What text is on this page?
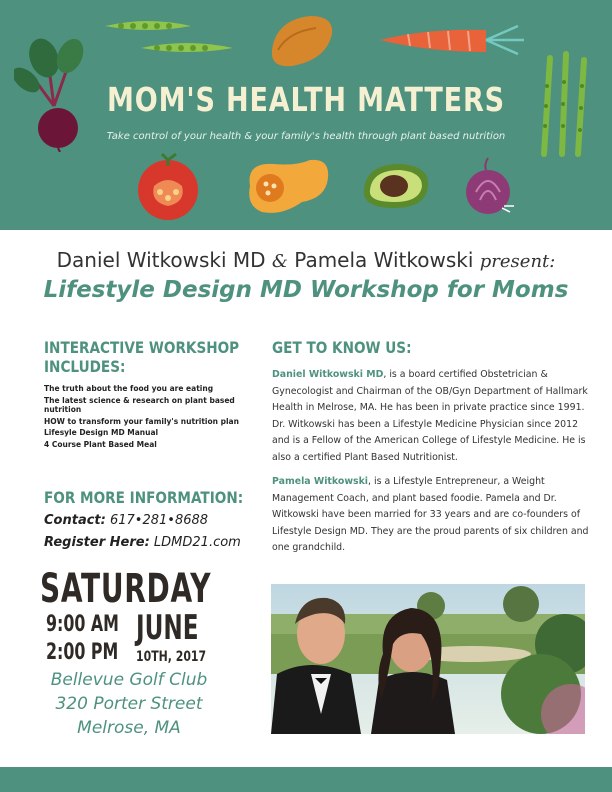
MOM'S HEALTH MATTERS
Take control of your health & your family's health through plant based nutrition
Daniel Witkowski MD & Pamela Witkowski present:
Lifestyle Design MD Workshop for Moms
INTERACTIVE WORKSHOP
INCLUDES:
The truth about the food you are eating
The latest science & research on plant based nutrition
HOW to transform your family's nutrition plan
Lifesyle Design MD Manual
4 Course Plant Based Meal
FOR MORE INFORMATION:
Contact: 617•281•8688
Register Here: LDMD21.com
SATURDAY
9:00 AM
2:00 PM
JUNE
10TH, 2017
Bellevue Golf Club
320 Porter Street
Melrose, MA
GET TO KNOW US:

Daniel Witkowski MD, is a board certified Obstetrician & Gynecologist and Chairman of the OB/Gyn Department of Hallmark Health in Melrose, MA. He has been in private practice since 1991. Dr. Witkowski has been a Lifestyle Medicine Physician since 2012 and is a Fellow of the American College of Lifestyle Medicine. He is also a certified Plant Based Nutritionist.

Pamela Witkowski, is a Lifestyle Entrepreneur, a Weight Management Coach, and plant based foodie. Pamela and Dr. Witkowski have been married for 33 years and are co-founders of Lifestyle Design MD. They are the proud parents of six children and one grandchild.
